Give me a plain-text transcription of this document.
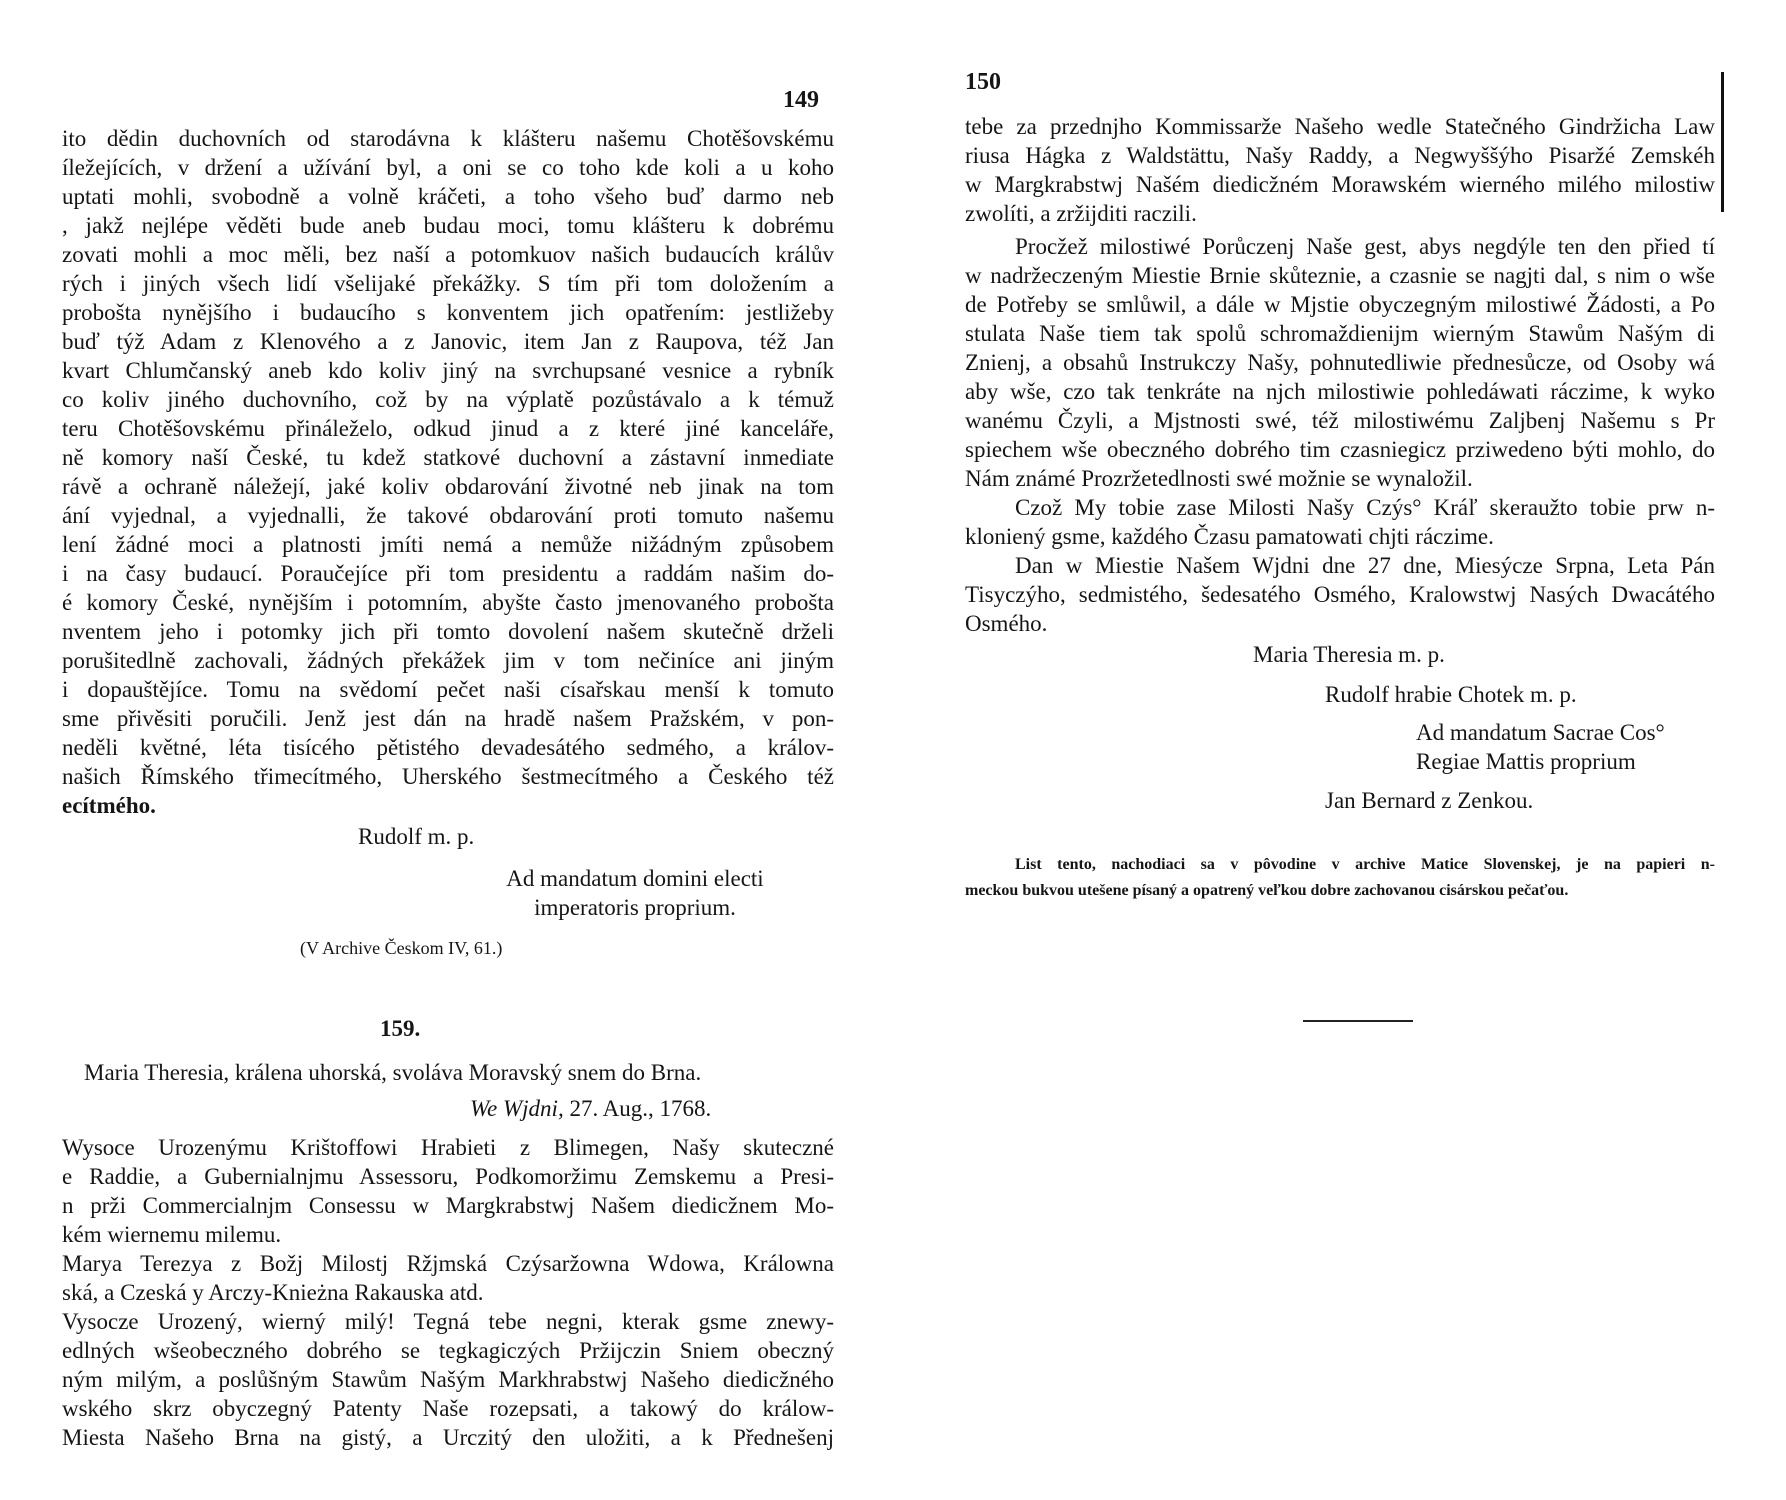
149
ito dědin duchovních od starodávna k klášteru našemu Chotěšovskému
íležejících, v držení a užívání byl, a oni se co toho kde koli a u koho
uptati mohli, svobodně a volně kráčeti, a toho všeho buď darmo neb
, jakž nejlépe věděti bude aneb budau moci, tomu klášteru k dobrému
zovati mohli a moc měli, bez naší a potomkuov našich budaucích králův
rých i jiných všech lidí všelijaké překážky. S tím při tom doložením a
probošta nynějšího i budaucího s konventem jich opatřením: jestližeby
buď týž Adam z Klenového a z Janovic, item Jan z Raupova, též Jan
kvart Chlumčanský aneb kdo koliv jiný na svrchupsané vesnice a rybník
co koliv jiného duchovního, což by na výplatě pozůstávalo a k témuž
teru Chotěšovskému přináleželo, odkud jinud a z které jiné kanceláře,
ně komory naší České, tu kdež statkové duchovní a zástavní inmediate
rávě a ochraně náležejí, jaké koliv obdarování životné neb jinak na tom
ání vyjednal, a vyjednalli, že takové obdarování proti tomuto našemu
lení žádné moci a platnosti jmíti nemá a nemůže nižádným způsobem
i na časy budaucí. Poraučejíce při tom presidentu a raddám našim do-
é komory České, nynějším i potomním, abyšte často jmenovaného probošta
nventem jeho i potomky jich při tomto dovolení našem skutečně drželi
porušitedlně zachovali, žádných překážek jim v tom nečiníce ani jiným
i dopauštějíce. Tomu na svědomí pečet naši císařskau menší k tomuto
sme přivěsiti poručili. Jenž jest dán na hradě našem Pražském, v pon-
neděli květné, léta tisícého pětistého devadesátého sedmého, a králov-
našich Římského třimecítmého, Uherského šestmecítmého a Českého též
ecítmého.
Rudolf m. p.
Ad mandatum domini electi
imperatoris proprium.
(V Archive Českom IV, 61.)
159.
Maria Theresia, králena uhorská, svoláva Moravský snem do Brna.
We Wjdni, 27. Aug., 1768.
Wysoce Urozenýmu Krištoffowi Hrabieti z Blimegen, Našy skuteczné
e Raddie, a Gubernialnjmu Assessoru, Podkomoržimu Zemskemu a Presi-
n prži Commercialnjm Consessu w Margkrabstwj Našem diedicžnem Mo-
kém wiernemu milemu.
Marya Terezya z Božj Milostj Ržjmská Czýsaržowna Wdowa, Králowna
ská, a Czeská y Arczy-Knieżna Rakauska atd.
Vysocze Urozený, wierný milý! Tegná tebe negni, kterak gsme znewy-
edlných wšeobeczného dobrého se tegkagiczých Pržijczin Sniem obeczný
ným milým, a poslůšným Stawům Našým Markhrabstwj Našeho diedicžného
wského skrz obyczegný Patenty Naše rozepsati, a takowý do králow-
Miesta Našeho Brna na gistý, a Urczitý den uložiti, a k Přednešenj
150
tebe za przednjho Kommissarže Našeho wedle Statečného Gindržicha Law
riusa Hágka z Waldstättu, Našy Raddy, a Negwyššýho Pisaržé Zemskéh
w Margkrabstwj Našém diedicžném Morawském wierného milého milostiw
zwolíti, a zržijditi raczili.
Procžež milostiwé Porůczenj Naše gest, abys negdýle ten den přied tí
w nadržeczeným Miestie Brnie skůteznie, a czasnie se nagjti dal, s nim o wše
de Potřeby se smlůwil, a dále w Mjstie obyczegným milostiwé Žádosti, a Po
stulata Naše tiem tak spolů schromaždienijm wierným Stawům Našým di
Znienj, a obsahů Instrukczy Našy, pohnutedliwie přednesůcze, od Osoby wá
aby wše, czo tak tenkráte na njch milostiwie pohledáwati ráczime, k wyko
wanému Čzyli, a Mjstnosti swé, též milostiwému Zaljbenj Našemu s Pr
spiechem wše obeczného dobrého tim czasniegicz prziwedeno býti mohlo, do
Nám známé Prozržetedlnosti swé možnie se wynaložil.
Czož My tobie zase Milosti Našy Czýs° Kráľ skeraužto tobie prw n-
kloniený gsme, každého Čzasu pamatowati chjti ráczime.
Dan w Miestie Našem Wjdni dne 27 dne, Miesýcze Srpna, Leta Pán
Tisyczýho, sedmistého, šedesatého Osmého, Kralowstwj Nasých Dwacátého
Osmého.
Maria Theresia m. p.
Rudolf hrabie Chotek m. p.
Ad mandatum Sacrae Cos°
Regiae Mattis proprium
Jan Bernard z Zenkou.
List tento, nachodiaci sa v pôvodine v archive Matice Slovenskej, je na papieri n-
meckou bukvou utešene písaný a opatrený veľkou dobre zachovanou cisárskou pečaťou.
